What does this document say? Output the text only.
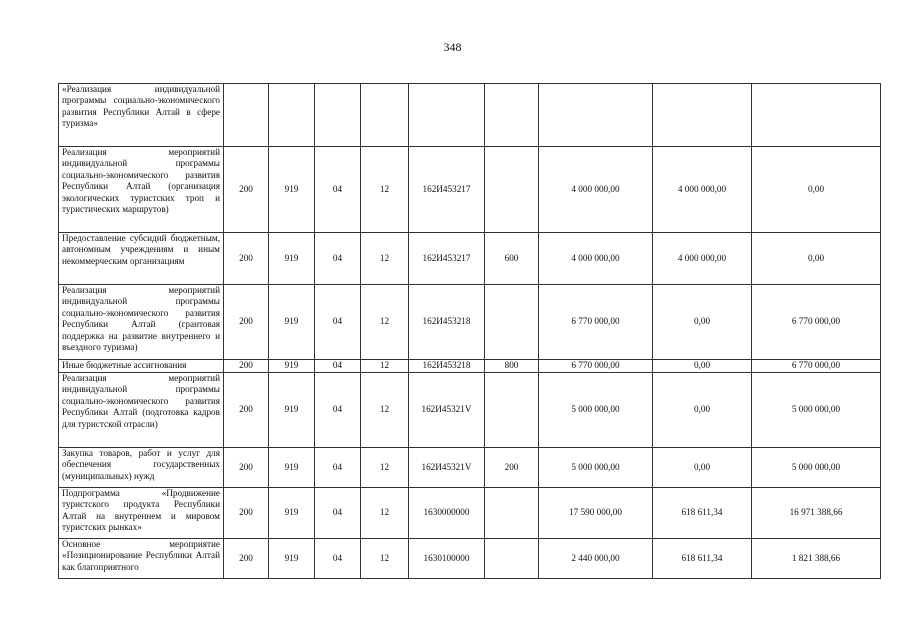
348
«Реализация индивидуальной программы социально-экономического развития Республики Алтай в сфере туризма»									
Реализация мероприятий индивидуальной программы социально-экономического развития Республики Алтай (организация экологических туристских троп и туристических маршрутов)	200	919	04	12	162И453217		4 000 000,00	4 000 000,00	0,00
Предоставление субсидий бюджетным, автономным учреждениям и иным некоммерческим организациям	200	919	04	12	162И453217	600	4 000 000,00	4 000 000,00	0,00
Реализация мероприятий индивидуальной программы социально-экономического развития Республики Алтай (грантовая поддержка на развитие внутреннего и въездного туризма)	200	919	04	12	162И453218		6 770 000,00	0,00	6 770 000,00
Иные бюджетные ассигнования	200	919	04	12	162И453218	800	6 770 000,00	0,00	6 770 000,00
Реализация мероприятий индивидуальной программы социально-экономического развития Республики Алтай (подготовка кадров для туристской отрасли)	200	919	04	12	162И45321V		5 000 000,00	0,00	5 000 000,00
Закупка товаров, работ и услуг для обеспечения государственных (муниципальных) нужд	200	919	04	12	162И45321V	200	5 000 000,00	0,00	5 000 000,00
Подпрограмма «Продвижение туристского продукта Республики Алтай на внутреннем и мировом туристских рынках»	200	919	04	12	1630000000		17 590 000,00	618 611,34	16 971 388,66
Основное мероприятие «Позиционирование Республики Алтай как благоприятного	200	919	04	12	1630100000		2 440 000,00	618 611,34	1 821 388,66
